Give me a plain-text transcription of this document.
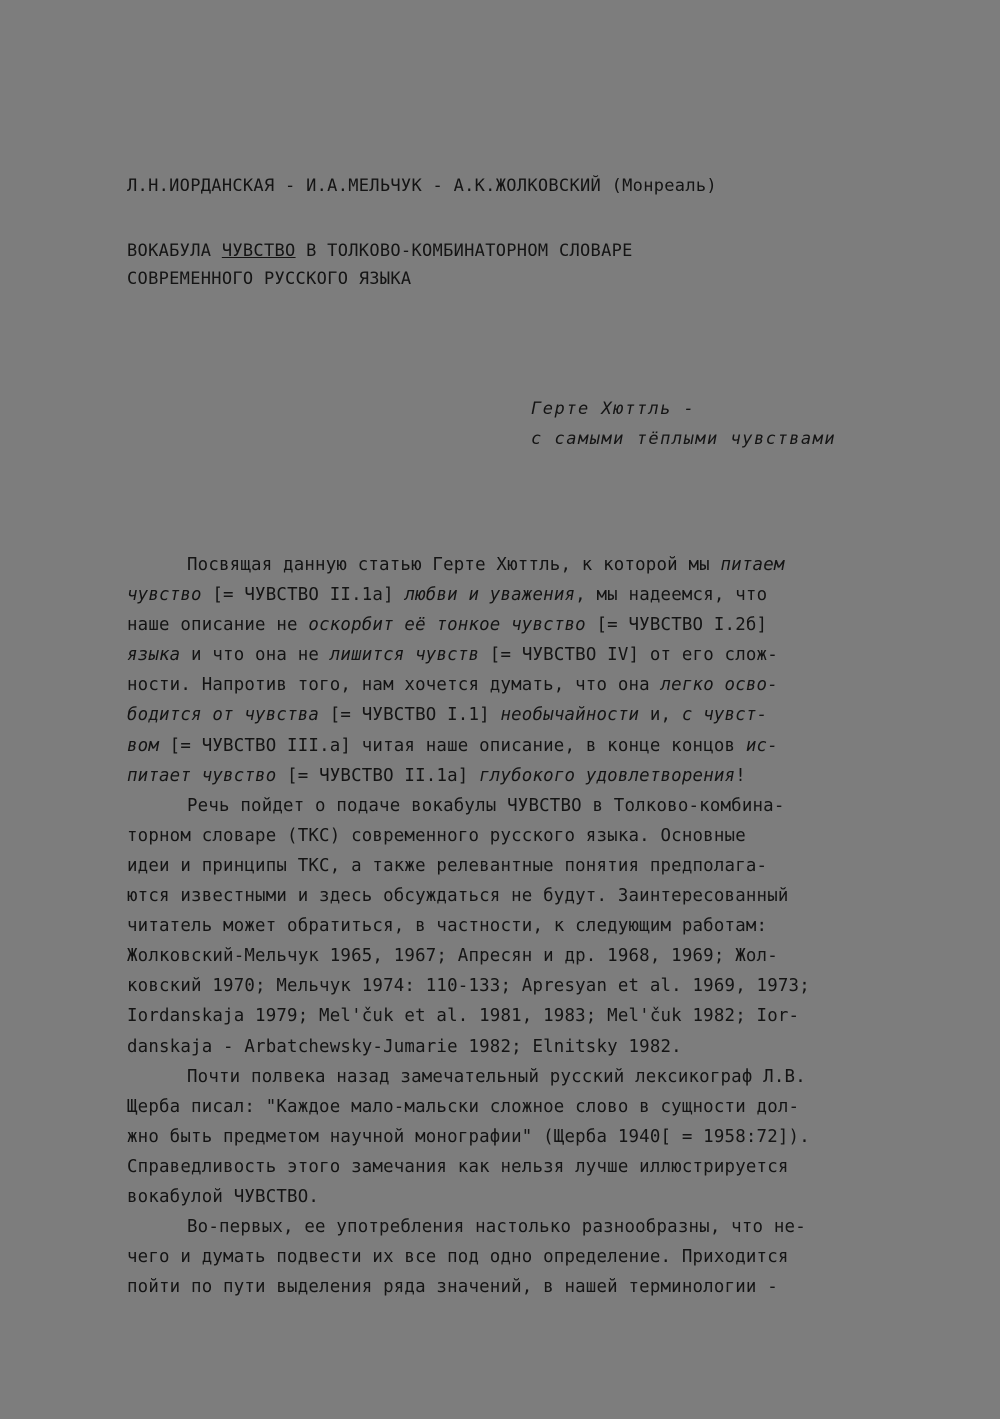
Л.Н.ИОРДАНСКАЯ - И.А.МЕЛЬЧУК - А.К.ЖОЛКОВСКИЙ (Монреаль)
ВОКАБУЛА ЧУВСТВО В ТОЛКОВО-КОМБИНАТОРНОМ СЛОВАРЕ
СОВРЕМЕННОГО РУССКОГО ЯЗЫКА
Герте Хюттль -
с самыми тёплыми чувствами
Посвящая данную статью Герте Хюттль, к которой мы питаем
чувство [= ЧУВСТВО II.1а] любви и уважения, мы надеемся, что
наше описание не оскорбит её тонкое чувство [= ЧУВСТВО I.2б]
языка и что она не лишится чувств [= ЧУВСТВО IV] от его слож-
ности. Напротив того, нам хочется думать, что она легко осво-
бодится от чувства [= ЧУВСТВО I.1] необычайности и, с чувст-
вом [= ЧУВСТВО III.а] читая наше описание, в конце концов ис-
питает чувство [= ЧУВСТВО II.1а] глубокого удовлетворения!
Речь пойдет о подаче вокабулы ЧУВСТВО в Толково-комбина-
торном словаре (ТКС) современного русского языка. Основные
идеи и принципы ТКС, а также релевантные понятия предполага-
ются известными и здесь обсуждаться не будут. Заинтересованный
читатель может обратиться, в частности, к следующим работам:
Жолковский-Мельчук 1965, 1967; Апресян и др. 1968, 1969; Жол-
ковский 1970; Мельчук 1974: 110-133; Apresyan et al. 1969, 1973;
Iordanskaja 1979; Mel'čuk et al. 1981, 1983; Mel'čuk 1982; Ior-
danskaja - Arbatchewsky-Jumarie 1982; Elnitsky 1982.
Почти полвека назад замечательный русский лексикограф Л.В.
Щерба писал: "Каждое мало-мальски сложное слово в сущности дол-
жно быть предметом научной монографии" (Щерба 1940[ = 1958:72]).
Справедливость этого замечания как нельзя лучше иллюстрируется
вокабулой ЧУВСТВО.
Во-первых, ее употребления настолько разнообразны, что не-
чего и думать подвести их все под одно определение. Приходится
пойти по пути выделения ряда значений, в нашей терминологии -
